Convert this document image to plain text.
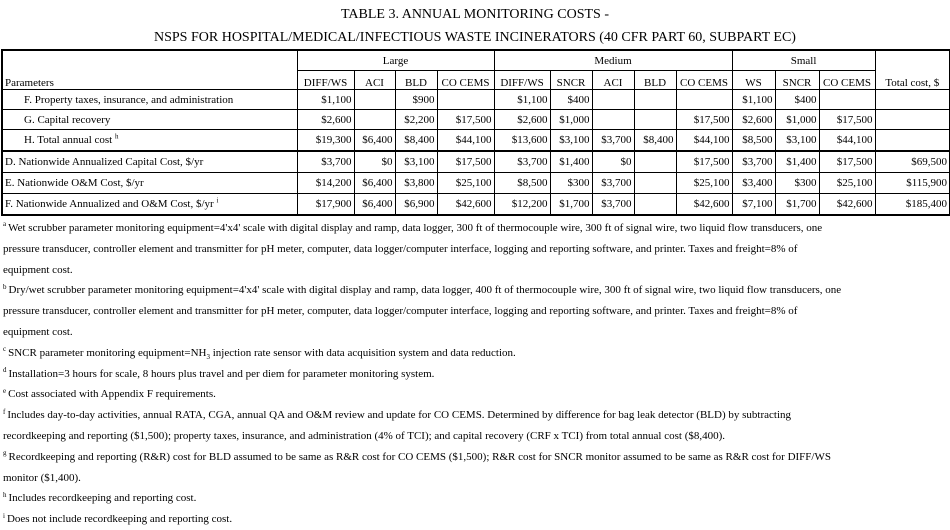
TABLE 3. ANNUAL MONITORING COSTS -
NSPS FOR HOSPITAL/MEDICAL/INFECTIOUS WASTE INCINERATORS (40 CFR PART 60, SUBPART EC)
	Large				Medium					Small			
Parameters	DIFF/WS	ACI	BLD	CO CEMS	DIFF/WS	SNCR	ACI	BLD	CO CEMS	WS	SNCR	CO CEMS	Total cost, $
F. Property taxes, insurance, and administration	$1,100		$900		$1,100	$400				$1,100	$400		
G. Capital recovery	$2,600		$2,200	$17,500	$2,600	$1,000			$17,500	$2,600	$1,000	$17,500	
H. Total annual cost $^h$	$19,300	$6,400	$8,400	$44,100	$13,600	$3,100	$3,700	$8,400	$44,100	$8,500	$3,100	$44,100	
D. Nationwide Annualized Capital Cost, $/yr	$3,700	$0	$3,100	$17,500	$3,700	$1,400	$0		$17,500	$3,700	$1,400	$17,500	$69,500
E. Nationwide O&M Cost, $/yr	$14,200	$6,400	$3,800	$25,100	$8,500	$300	$3,700		$25,100	$3,400	$300	$25,100	$115,900
F. Nationwide Annualized and O&M Cost, $/yr $^i$	$17,900	$6,400	$6,900	$42,600	$12,200	$1,700	$3,700		$42,600	$7,100	$1,700	$42,600	$185,400
$^a$ Wet scrubber parameter monitoring equipment=4'x4' scale with digital display and ramp, data logger, 300 ft of thermocouple wire, 300 ft of signal wire, two liquid flow transducers, one
pressure transducer, controller element and transmitter for pH meter, computer, data logger/computer interface, logging and reporting software, and printer. Taxes and freight=8% of
equipment cost.
$^b$ Dry/wet scrubber parameter monitoring equipment=4'x4' scale with digital display and ramp, data logger, 400 ft of thermocouple wire, 300 ft of signal wire, two liquid flow transducers, one
pressure transducer, controller element and transmitter for pH meter, computer, data logger/computer interface, logging and reporting software, and printer. Taxes and freight=8% of
equipment cost.
$^c$ SNCR parameter monitoring $equipment=NH_3$ injection rate sensor with data acquisition system and data reduction.
$^d$ Installation=3 hours for scale, 8 hours plus travel and per diem for parameter monitoring system.
$^e$ Cost associated with Appendix F requirements.
$^f$ Includes day-to-day activities, annual RATA, CGA, annual QA and O&M review and update for CO CEMS. Determined by difference for bag leak detector (BLD) by subtracting
recordkeeping and reporting ($1,500); property taxes, insurance, and administration (4% of TCI); and capital recovery (CRF x TCI) from total annual cost ($8,400).
$^g$ Recordkeeping and reporting (R&R) cost for BLD assumed to be same as R&R cost for CO CEMS ($1,500); R&R cost for SNCR monitor assumed to be same as R&R cost for DIFF/WS
monitor ($1,400).
$^h$ Includes recordkeeping and reporting cost.
$^i$ Does not include recordkeeping and reporting cost.
